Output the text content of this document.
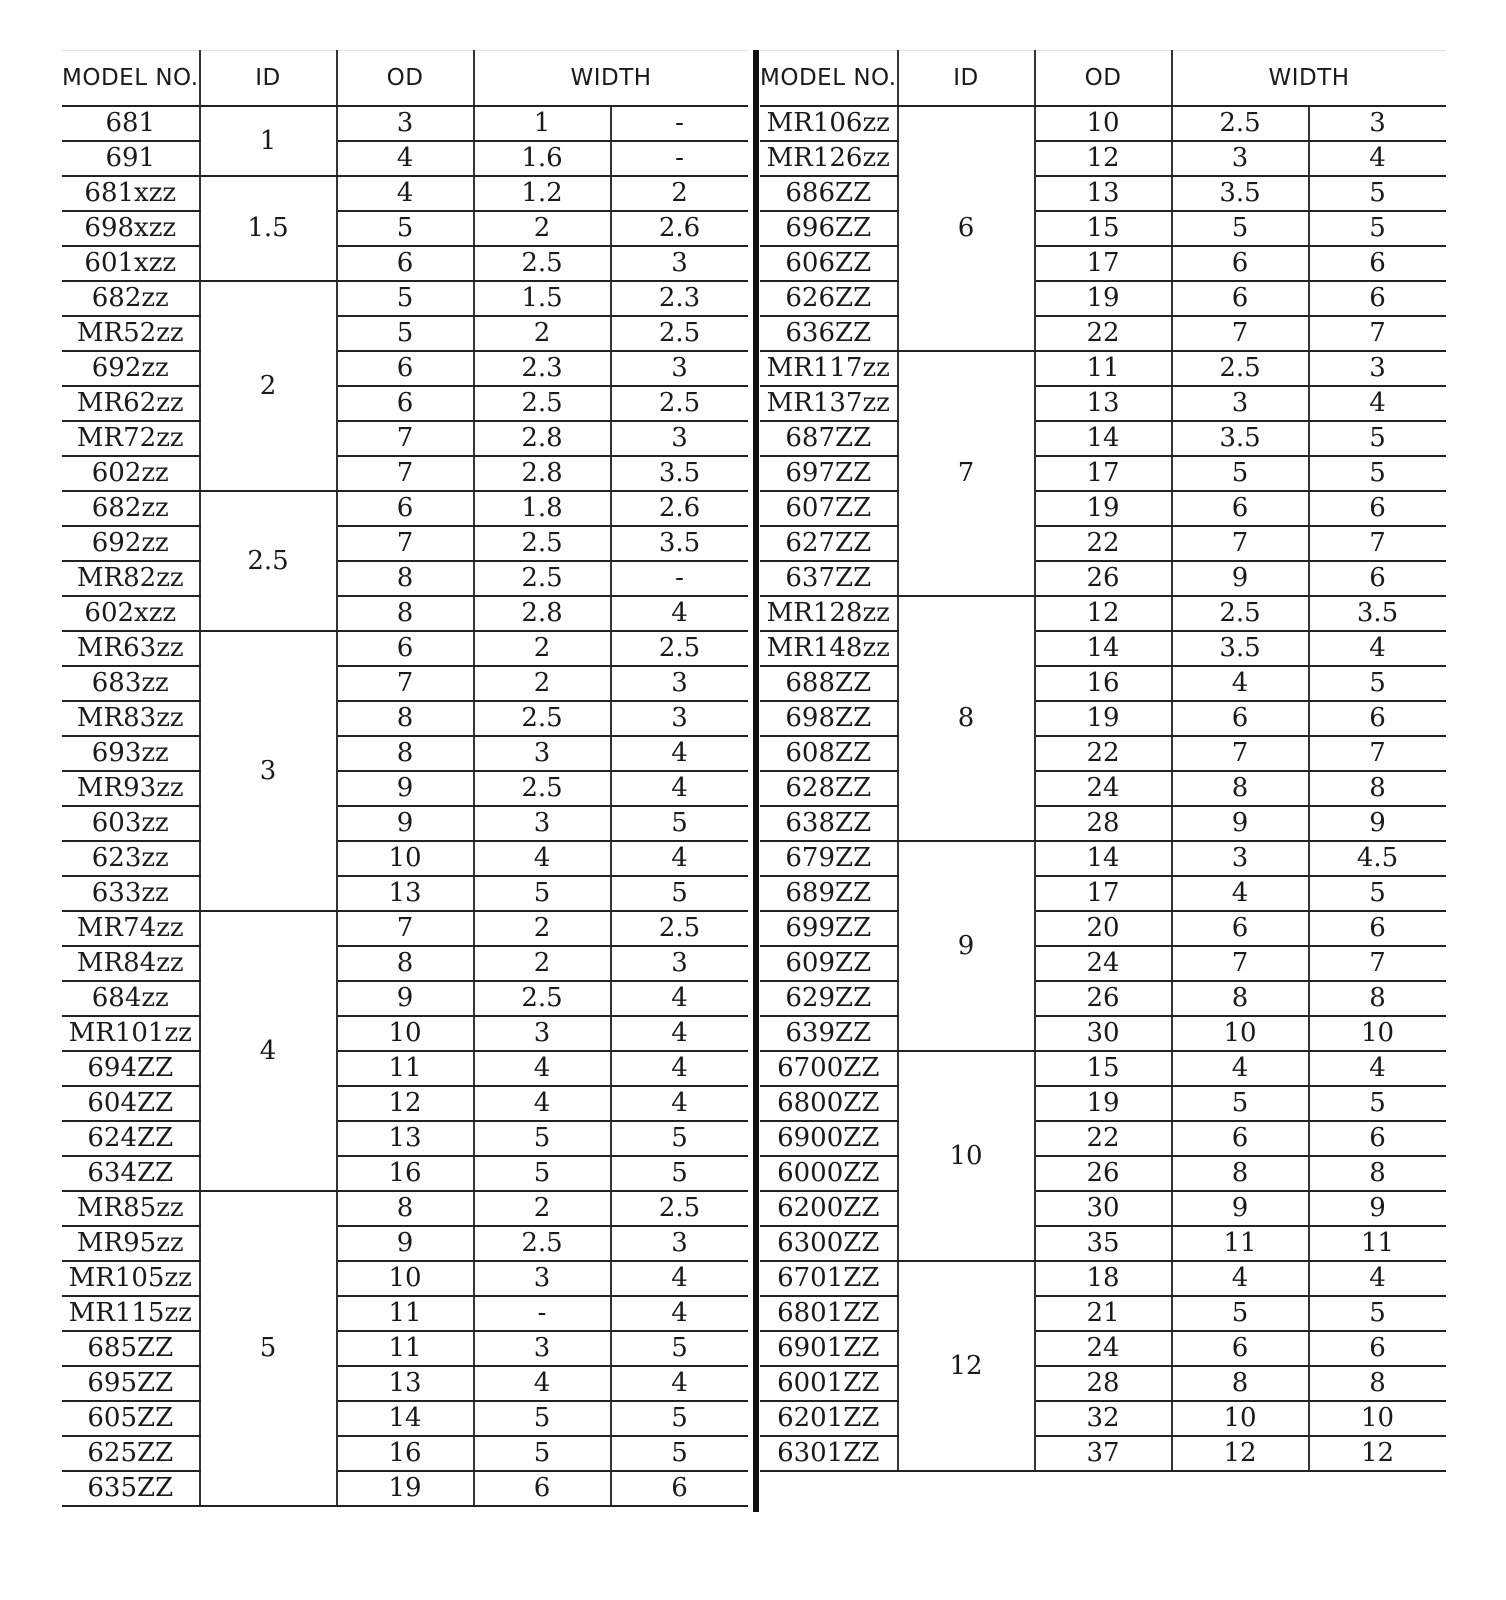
MODEL NO.	ID	OD	WIDTH	
681	1	3	1	-
691		4	1.6	-
681xzz	1.5	4	1.2	2
698xzz		5	2	2.6
601xzz		6	2.5	3
682zz	2	5	1.5	2.3
MR52zz		5	2	2.5
692zz		6	2.3	3
MR62zz		6	2.5	2.5
MR72zz		7	2.8	3
602zz		7	2.8	3.5
682zz	2.5	6	1.8	2.6
692zz		7	2.5	3.5
MR82zz		8	2.5	-
602xzz		8	2.8	4
MR63zz	3	6	2	2.5
683zz		7	2	3
MR83zz		8	2.5	3
693zz		8	3	4
MR93zz		9	2.5	4
603zz		9	3	5
623zz		10	4	4
633zz		13	5	5
MR74zz	4	7	2	2.5
MR84zz		8	2	3
684zz		9	2.5	4
MR101zz		10	3	4
694ZZ		11	4	4
604ZZ		12	4	4
624ZZ		13	5	5
634ZZ		16	5	5
MR85zz	5	8	2	2.5
MR95zz		9	2.5	3
MR105zz		10	3	4
MR115zz		11	-	4
685ZZ		11	3	5
695ZZ		13	4	4
605ZZ		14	5	5
625ZZ		16	5	5
635ZZ		19	6	6
MODEL NO.	ID	OD	WIDTH	
MR106zz	6	10	2.5	3
MR126zz		12	3	4
686ZZ		13	3.5	5
696ZZ		15	5	5
606ZZ		17	6	6
626ZZ		19	6	6
636ZZ		22	7	7
MR117zz	7	11	2.5	3
MR137zz		13	3	4
687ZZ		14	3.5	5
697ZZ		17	5	5
607ZZ		19	6	6
627ZZ		22	7	7
637ZZ		26	9	6
MR128zz	8	12	2.5	3.5
MR148zz		14	3.5	4
688ZZ		16	4	5
698ZZ		19	6	6
608ZZ		22	7	7
628ZZ		24	8	8
638ZZ		28	9	9
679ZZ	9	14	3	4.5
689ZZ		17	4	5
699ZZ		20	6	6
609ZZ		24	7	7
629ZZ		26	8	8
639ZZ		30	10	10
6700ZZ	10	15	4	4
6800ZZ		19	5	5
6900ZZ		22	6	6
6000ZZ		26	8	8
6200ZZ		30	9	9
6300ZZ		35	11	11
6701ZZ	12	18	4	4
6801ZZ		21	5	5
6901ZZ		24	6	6
6001ZZ		28	8	8
6201ZZ		32	10	10
6301ZZ		37	12	12
